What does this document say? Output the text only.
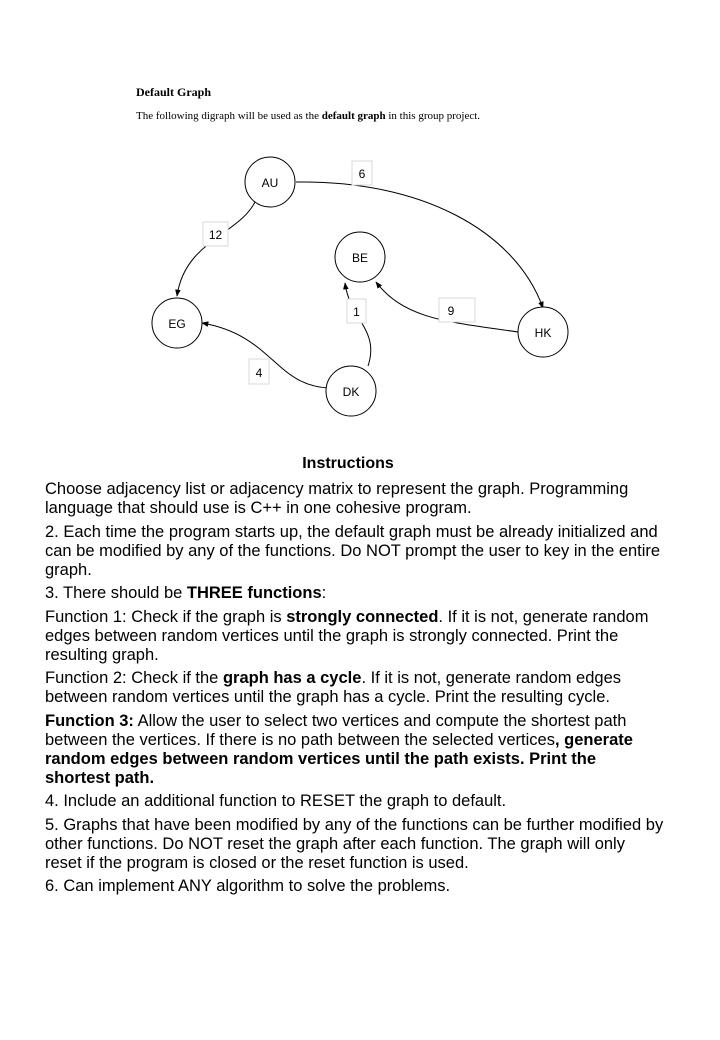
Default Graph
The following digraph will be used as the default graph in this group project.
AU
BE
EG
HK
DK
6
12
1	9
4
Instructions

Choose adjacency list or adjacency matrix to represent the graph. Programming language that should use is C++ in one cohesive program.

2. Each time the program starts up, the default graph must be already initialized and can be modified by any of the functions. Do NOT prompt the user to key in the entire graph.

3. There should be THREE functions:

Function 1: Check if the graph is strongly connected. If it is not, generate random edges between random vertices until the graph is strongly connected. Print the resulting graph.

Function 2: Check if the graph has a cycle. If it is not, generate random edges between random vertices until the graph has a cycle. Print the resulting cycle.

Function 3: Allow the user to select two vertices and compute the shortest path between the vertices. If there is no path between the selected vertices, generate random edges between random vertices until the path exists. Print the shortest path.

4. Include an additional function to RESET the graph to default.

5. Graphs that have been modified by any of the functions can be further modified by other functions. Do NOT reset the graph after each function. The graph will only reset if the program is closed or the reset function is used.

6. Can implement ANY algorithm to solve the problems.
